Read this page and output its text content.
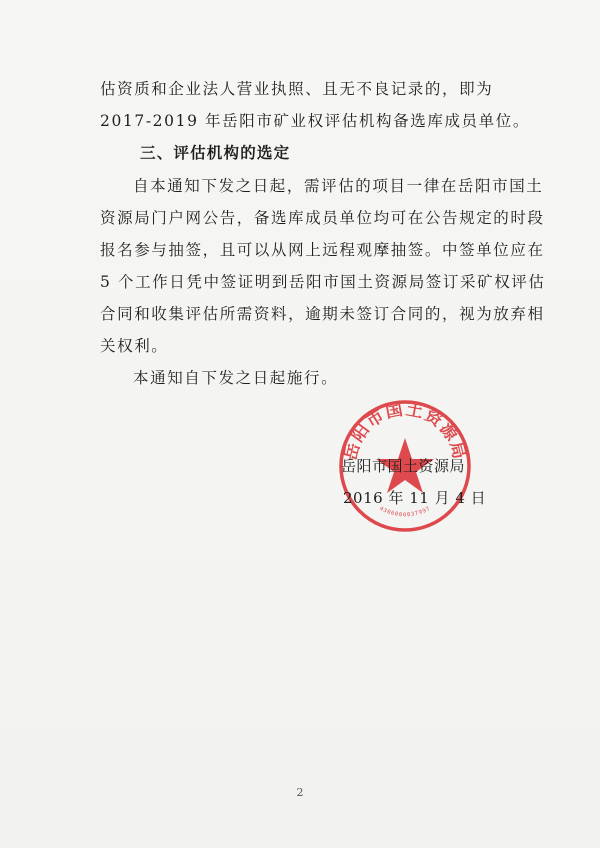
估资质和企业法人营业执照、且无不良记录的，即为
2017-2019 年岳阳市矿业权评估机构备选库成员单位。
三、评估机构的选定
自本通知下发之日起，需评估的项目一律在岳阳市国土
资源局门户网公告，备选库成员单位均可在公告规定的时段
报名参与抽签，且可以从网上远程观摩抽签。中签单位应在
5 个工作日凭中签证明到岳阳市国土资源局签订采矿权评估
合同和收集评估所需资料，逾期未签订合同的，视为放弃相
关权利。
本通知自下发之日起施行。
岳阳市国土资源局
4306000037997
岳阳市国土资源局
2016 年 11 月 4 日
2
